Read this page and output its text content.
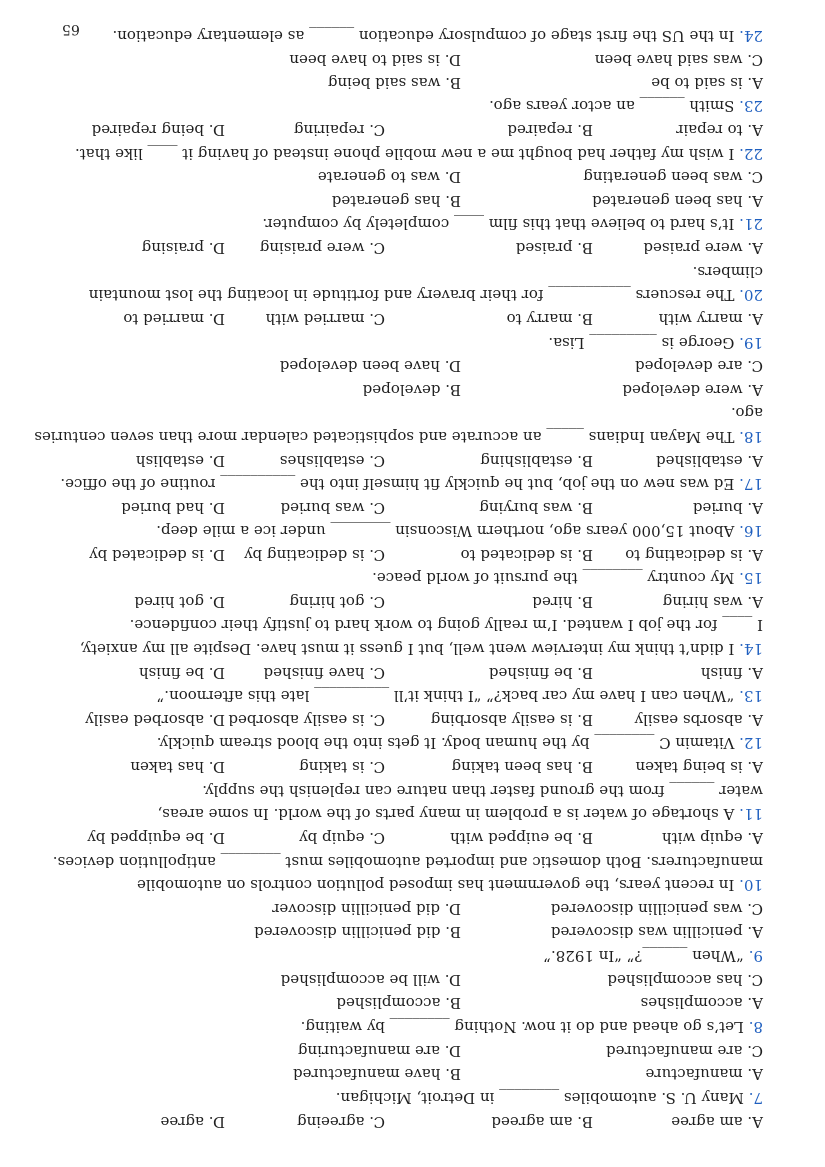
A. am agree
B. am agreed
C. agreeing
D. agree
7. Many U. S. automobiles ________ in Detroit, Michigan.
A. manufacture
B. have manufactured
C. are manufactured
D. are manufacturing
8. Let’s go ahead and do it now. Nothing ________ by waiting.
A. accomplishes
B. accomplished
C. has accomplished
D. will be accomplished
9. “When ______?” “In 1928.”
A. penicillin was discovered
B. did penicillin discovered
C. was penicillin discovered
D. did penicillin discover
10. In recent years, the government has imposed pollution controls on automobile
manufacturers. Both domestic and imported automobiles must ________ antipollution devices.
A. equip with
B. be euipped with
C. equip by
D. be equipped by
11. A shortage of water is a problem in many parts of the world. In some areas,
water ______ from the ground faster than nature can replenish the supply.
A. is being taken
B. has been taking
C. is taking
D. has taken
12. Vitamin C ________ by the human body. It gets into the blood stream quickly.
A. absorbs easily
B. is easily absorbing
C. is easily absorbed
D. absorbed easily
13. “When can I have my car back?” “I think it’ll __________ late this afternoon.”
A. finish
B. be finished
C. have finished
D. be finish
14. I didn’t think my interview went well, but I guess it must have. Despite all my anxiety,
I ____ for the job I wanted. I’m really going to work hard to justify their confidence.
A. was hiring
B. hired
C. got hiring
D. got hired
15. My country ________ the pursuit of world peace.
A. is dedicating to
B. is dedicated to
C. is dedicating by
D. is dedicated by
16. About 15,000 years ago, northern Wisconsin ________ under ice a mile deep.
A. buried
B. was burying
C. was buried
D. had buried
17. Ed was new on the job, but he quickly fit himself into the __________ routine of the office.
A. established
B. establishing
C. establishes
D. establish
18. The Mayan Indians _____ an accurate and sophisticated calendar more than seven centuries
ago.
A. were developed
B. developed
C. are developed
D. have been developed
19. George is _________ Lisa.
A. marry with
B. marry to
C. married with
D. married to
20. The rescuers ___________ for their bravery and fortitude in locating the lost mountain
climbers.
A. were praised
B. praised
C. were praising
D. praising
21. It’s hard to believe that this film ____ completely by computer.
A. has been generated
B. has generated
C. was been generating
D. was to generate
22. I wish my father had bought me a new mobile phone instead of having it ____ like that.
A. to repair
B. repaired
C. repairing
D. being repaired
23. Smith ______ an actor years ago.
A. is said to be
B. was said being
C. was said have been
D. is said to have been
24. In the US the first stage of compulsory education ______ as elementary education.
65
